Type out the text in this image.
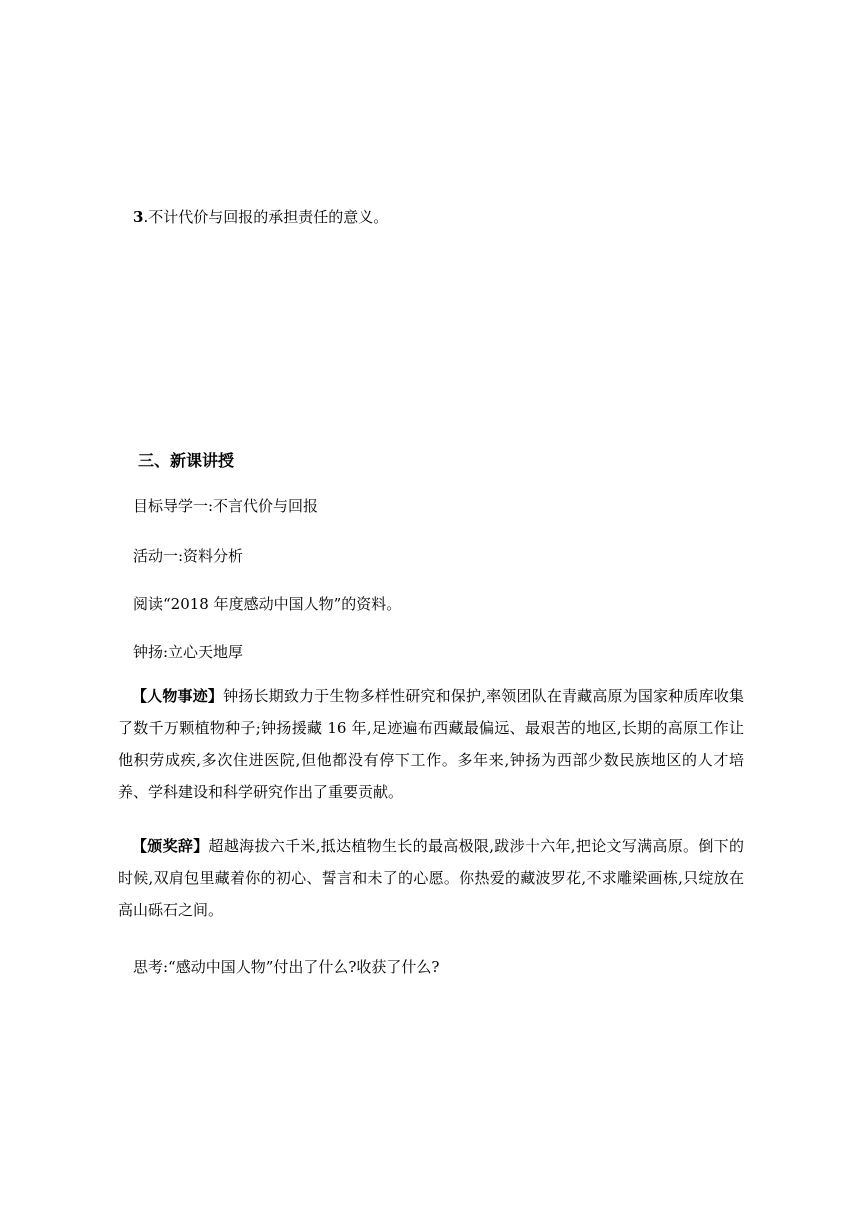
3.不计代价与回报的承担责任的意义。
三、新课讲授
目标导学一:不言代价与回报
活动一:资料分析
阅读“2018 年度感动中国人物”的资料。
钟扬:立心天地厚
【人物事迹】钟扬长期致力于生物多样性研究和保护,率领团队在青藏高原为国家种质库收集了数千万颗植物种子;钟扬援藏 16 年,足迹遍布西藏最偏远、最艰苦的地区,长期的高原工作让他积劳成疾,多次住进医院,但他都没有停下工作。多年来,钟扬为西部少数民族地区的人才培养、学科建设和科学研究作出了重要贡献。
【颁奖辞】超越海拔六千米,抵达植物生长的最高极限,跋涉十六年,把论文写满高原。倒下的时候,双肩包里藏着你的初心、誓言和未了的心愿。你热爱的藏波罗花,不求雕梁画栋,只绽放在高山砾石之间。
思考:“感动中国人物”付出了什么?收获了什么?
